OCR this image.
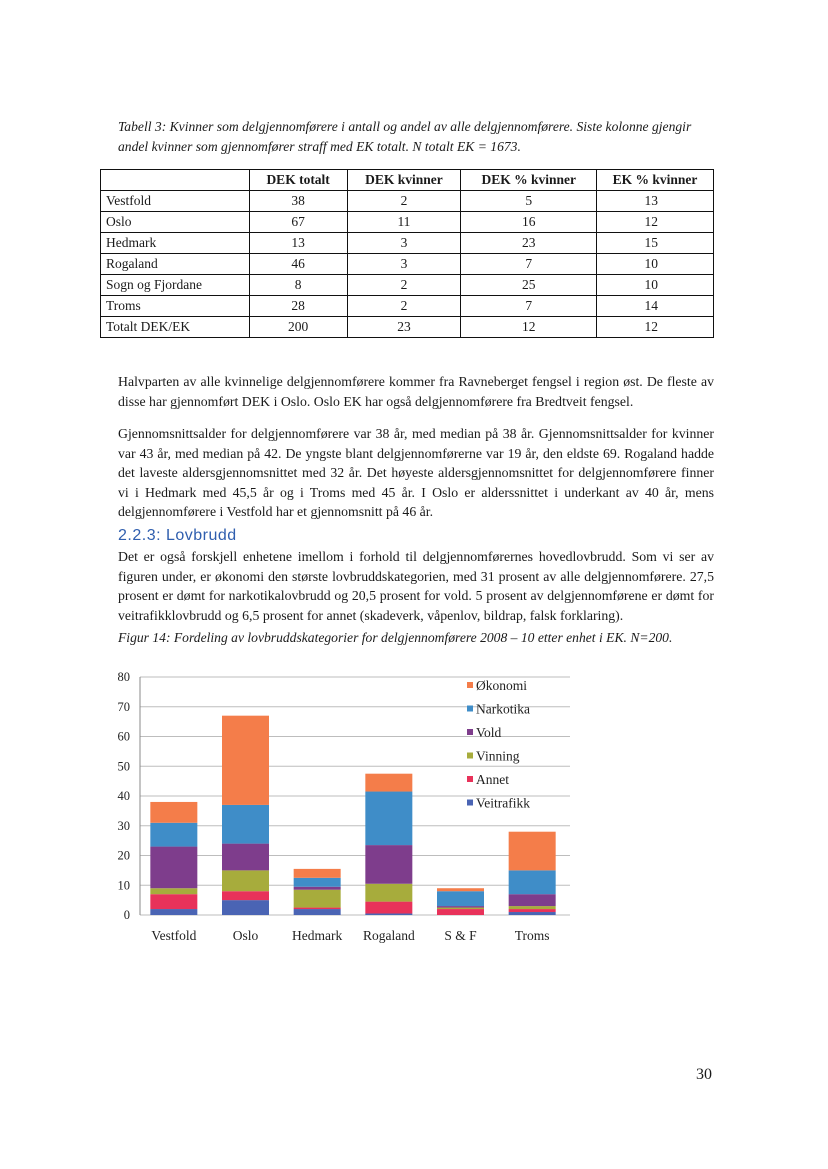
Tabell 3: Kvinner som delgjennomførere i antall og andel av alle delgjennomførere. Siste kolonne gjengir andel kvinner som gjennomfører straff med EK totalt. N totalt EK = 1673.
	DEK totalt	DEK kvinner	DEK % kvinner	EK % kvinner
Vestfold	38	2	5	13
Oslo	67	11	16	12
Hedmark	13	3	23	15
Rogaland	46	3	7	10
Sogn og Fjordane	8	2	25	10
Troms	28	2	7	14
Totalt DEK/EK	200	23	12	12
Halvparten av alle kvinnelige delgjennomførere kommer fra Ravneberget fengsel i region øst. De fleste av disse har gjennomført DEK i Oslo. Oslo EK har også delgjennomførere fra Bredtveit fengsel.
Gjennomsnittsalder for delgjennomførere var 38 år, med median på 38 år. Gjennomsnittsalder for kvinner var 43 år, med median på 42. De yngste blant delgjennomførerne var 19 år, den eldste 69. Rogaland hadde det laveste aldersgjennomsnittet med 32 år. Det høyeste aldersgjennomsnittet for delgjennomførere finner vi i Hedmark med 45,5 år og i Troms med 45 år. I Oslo er alderssnittet i underkant av 40 år, mens delgjennomførere i Vestfold har et gjennomsnitt på 46 år.
2.2.3: Lovbrudd
Det er også forskjell enhetene imellom i forhold til delgjennomførernes hovedlovbrudd. Som vi ser av figuren under, er økonomi den største lovbruddskategorien, med 31 prosent av alle delgjennomførere. 27,5 prosent er dømt for narkotikalovbrudd og 20,5 prosent for vold. 5 prosent av delgjennomførene er dømt for veitrafikklovbrudd og 6,5 prosent for annet (skadeverk, våpenlov, bildrap, falsk forklaring).
Figur 14: Fordeling av lovbruddskategorier for delgjennomførere 2008 – 10 etter enhet i EK. N=200.
0
10
20
30
40
50
60
70
80
Vestfold	Oslo	Hedmark Rogaland S & F	Troms
Økonomi
Narkotika
Vold
Vinning
Annet
Veitrafikk
30
